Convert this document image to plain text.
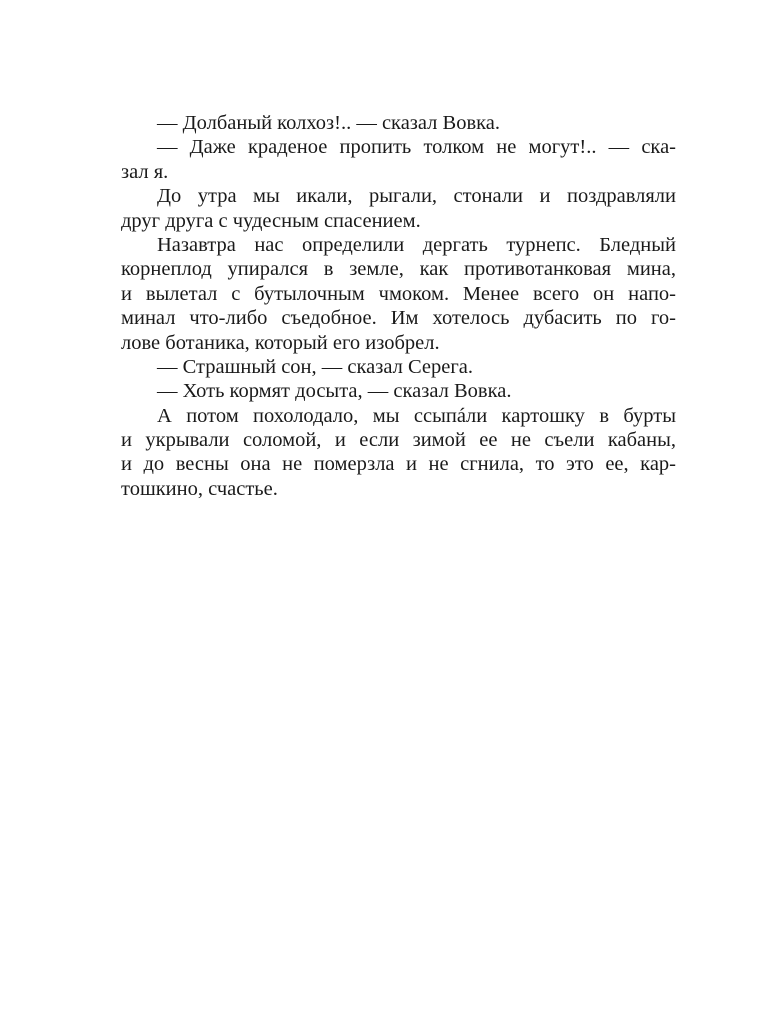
— Долбаный колхоз!.. — сказал Вовка.
— Даже краденое пропить толком не могут!.. — ска-
зал я.
До утра мы икали, рыгали, стонали и поздравляли
друг друга с чудесным спасением.
Назавтра нас определили дергать турнепс. Бледный
корнеплод упирался в земле, как противотанковая мина,
и вылетал с бутылочным чмоком. Менее всего он напо-
минал что-либо съедобное. Им хотелось дубасить по го-
лове ботаника, который его изобрел.
— Страшный сон, — сказал Серега.
— Хоть кормят досыта, — сказал Вовка.
А потом похолодало, мы ссыпáли картошку в бурты
и укрывали соломой, и если зимой ее не съели кабаны,
и до весны она не померзла и не сгнила, то это ее, кар-
тошкино, счастье.
